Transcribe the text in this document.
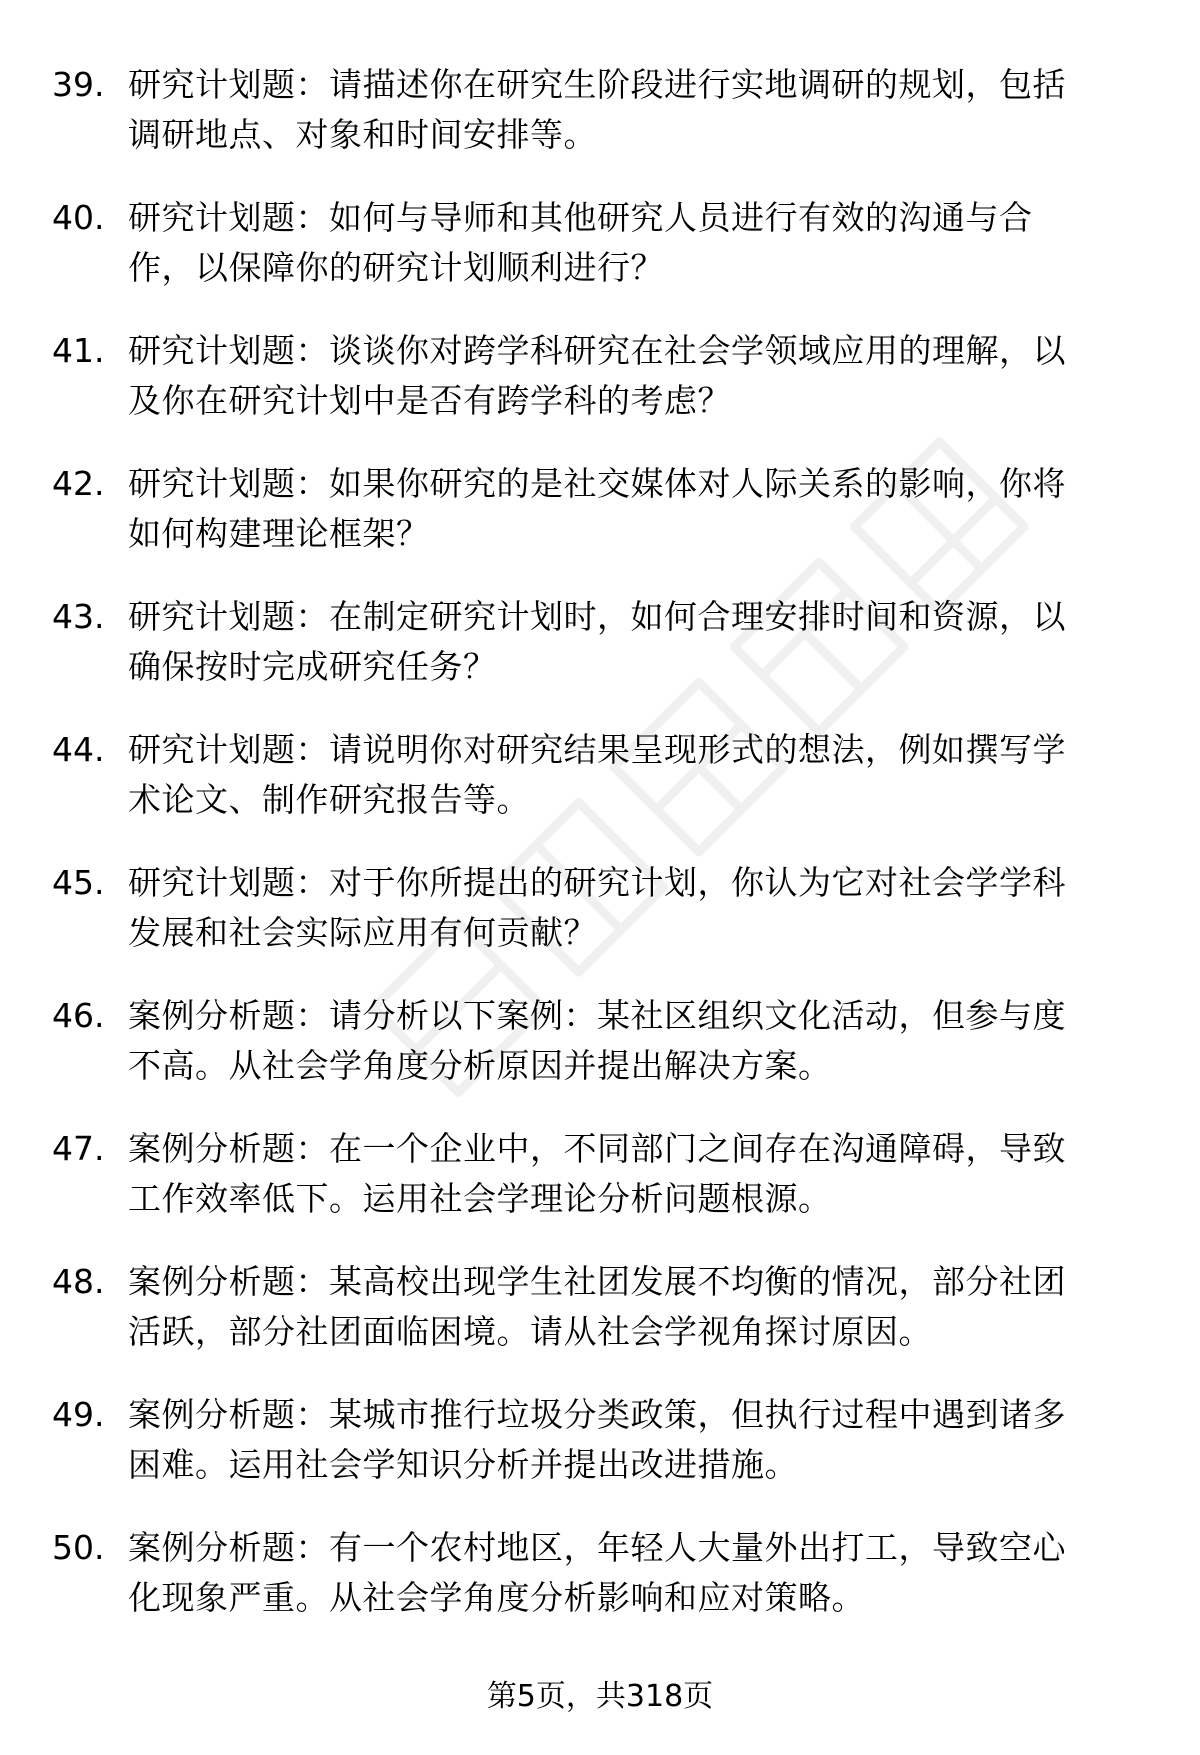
39. 研究计划题：请描述你在研究生阶段进行实地调研的规划，包括
调研地点、对象和时间安排等。
40. 研究计划题：如何与导师和其他研究人员进行有效的沟通与合
作，以保障你的研究计划顺利进行？
41. 研究计划题：谈谈你对跨学科研究在社会学领域应用的理解，以
及你在研究计划中是否有跨学科的考虑？
42. 研究计划题：如果你研究的是社交媒体对人际关系的影响，你将
如何构建理论框架？
43. 研究计划题：在制定研究计划时，如何合理安排时间和资源，以
确保按时完成研究任务？
44. 研究计划题：请说明你对研究结果呈现形式的想法，例如撰写学
术论文、制作研究报告等。
45. 研究计划题：对于你所提出的研究计划，你认为它对社会学学科
发展和社会实际应用有何贡献？
46. 案例分析题：请分析以下案例：某社区组织文化活动，但参与度
不高。从社会学角度分析原因并提出解决方案。
47. 案例分析题：在一个企业中，不同部门之间存在沟通障碍，导致
工作效率低下。运用社会学理论分析问题根源。
48. 案例分析题：某高校出现学生社团发展不均衡的情况，部分社团
活跃，部分社团面临困境。请从社会学视角探讨原因。
49. 案例分析题：某城市推行垃圾分类政策，但执行过程中遇到诸多
困难。运用社会学知识分析并提出改进措施。
50. 案例分析题：有一个农村地区，年轻人大量外出打工，导致空心
化现象严重。从社会学角度分析影响和应对策略。
第5页，共318页
